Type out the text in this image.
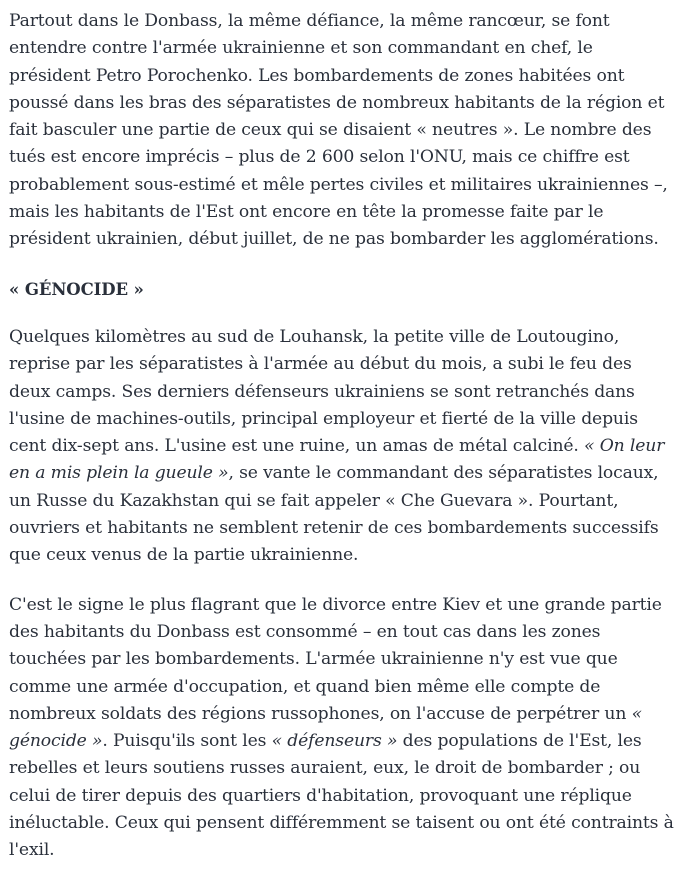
Partout dans le Donbass, la même défiance, la même rancœur, se font entendre contre l'armée ukrainienne et son commandant en chef, le président Petro Porochenko. Les bombardements de zones habitées ont poussé dans les bras des séparatistes de nombreux habitants de la région et fait basculer une partie de ceux qui se disaient « neutres ». Le nombre des tués est encore imprécis – plus de 2 600 selon l'ONU, mais ce chiffre est probablement sous-estimé et mêle pertes civiles et militaires ukrainiennes –, mais les habitants de l'Est ont encore en tête la promesse faite par le président ukrainien, début juillet, de ne pas bombarder les agglomérations.

« GÉNOCIDE »

Quelques kilomètres au sud de Louhansk, la petite ville de Loutougino, reprise par les séparatistes à l'armée au début du mois, a subi le feu des deux camps. Ses derniers défenseurs ukrainiens se sont retranchés dans l'usine de machines-outils, principal employeur et fierté de la ville depuis cent dix-sept ans. L'usine est une ruine, un amas de métal calciné. « On leur en a mis plein la gueule », se vante le commandant des séparatistes locaux, un Russe du Kazakhstan qui se fait appeler « Che Guevara ». Pourtant, ouvriers et habitants ne semblent retenir de ces bombardements successifs que ceux venus de la partie ukrainienne.

C'est le signe le plus flagrant que le divorce entre Kiev et une grande partie des habitants du Donbass est consommé – en tout cas dans les zones touchées par les bombardements. L'armée ukrainienne n'y est vue que comme une armée d'occupation, et quand bien même elle compte de nombreux soldats des régions russophones, on l'accuse de perpétrer un « génocide ». Puisqu'ils sont les « défenseurs » des populations de l'Est, les rebelles et leurs soutiens russes auraient, eux, le droit de bombarder ; ou celui de tirer depuis des quartiers d'habitation, provoquant une réplique inéluctable. Ceux qui pensent différemment se taisent ou ont été contraints à l'exil.
